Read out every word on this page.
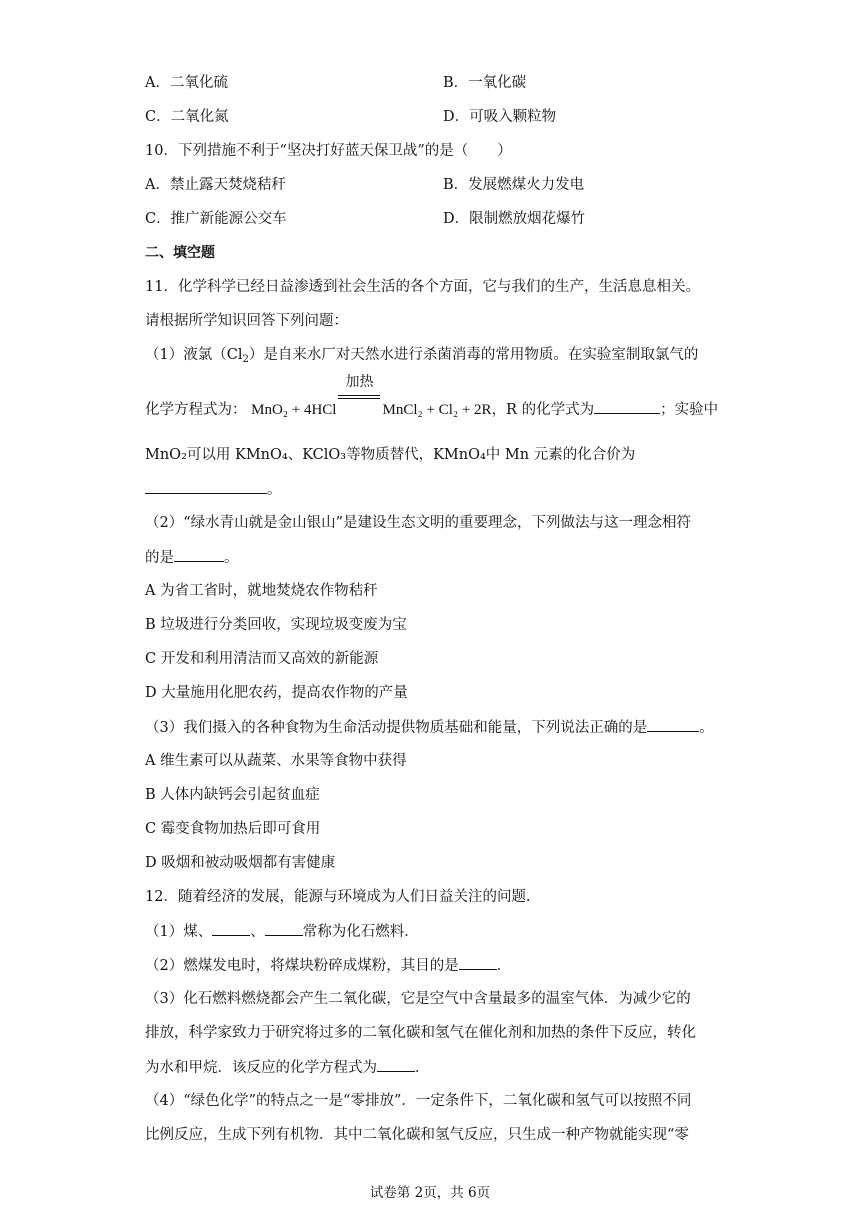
A．二氧化硫	B．一氧化碳
C．二氧化氮	D．可吸入颗粒物
10．下列措施不利于“坚决打好蓝天保卫战”的是（　　）
A．禁止露天焚烧秸秆	B．发展燃煤火力发电
C．推广新能源公交车	D．限制燃放烟花爆竹
二、填空题
11．化学科学已经日益渗透到社会生活的各个方面，它与我们的生产，生活息息相关。
请根据所学知识回答下列问题：
（1）液氯$(Cl_2)$是自来水厂对天然水进行杀菌消毒的常用物质。在实验室制取氯气的
化学方程式为： MnO₂ + 4HCl
加热
MnCl₂ + Cl₂ + 2R，R 的化学式为	；实验中
MnO₂可以用 KMnO₄、KClO₃等物质替代，KMnO₄中 Mn 元素的化合价为
。
（2）“绿水青山就是金山银山”是建设生态文明的重要理念，下列做法与这一理念相符
的是	。
A 为省工省时，就地焚烧农作物秸秆
B 垃圾进行分类回收，实现垃圾变废为宝
C 开发和利用清洁而又高效的新能源
D 大量施用化肥农药，提高农作物的产量
（3）我们摄入的各种食物为生命活动提供物质基础和能量，下列说法正确的是	。
A 维生素可以从蔬菜、水果等食物中获得
B 人体内缺钙会引起贫血症
C 霉变食物加热后即可食用
D 吸烟和被动吸烟都有害健康
12．随着经济的发展，能源与环境成为人们日益关注的问题．
（1）煤、	、	常称为化石燃料．
（2）燃煤发电时，将煤块粉碎成煤粉，其目的是	．
（3）化石燃料燃烧都会产生二氧化碳，它是空气中含量最多的温室气体．为减少它的
排放，科学家致力于研究将过多的二氧化碳和氢气在催化剂和加热的条件下反应，转化
为水和甲烷．该反应的化学方程式为	．
（4）“绿色化学”的特点之一是“零排放”．一定条件下，二氧化碳和氢气可以按照不同
比例反应，生成下列有机物．其中二氧化碳和氢气反应，只生成一种产物就能实现“零
试卷第 2页，共 6页
